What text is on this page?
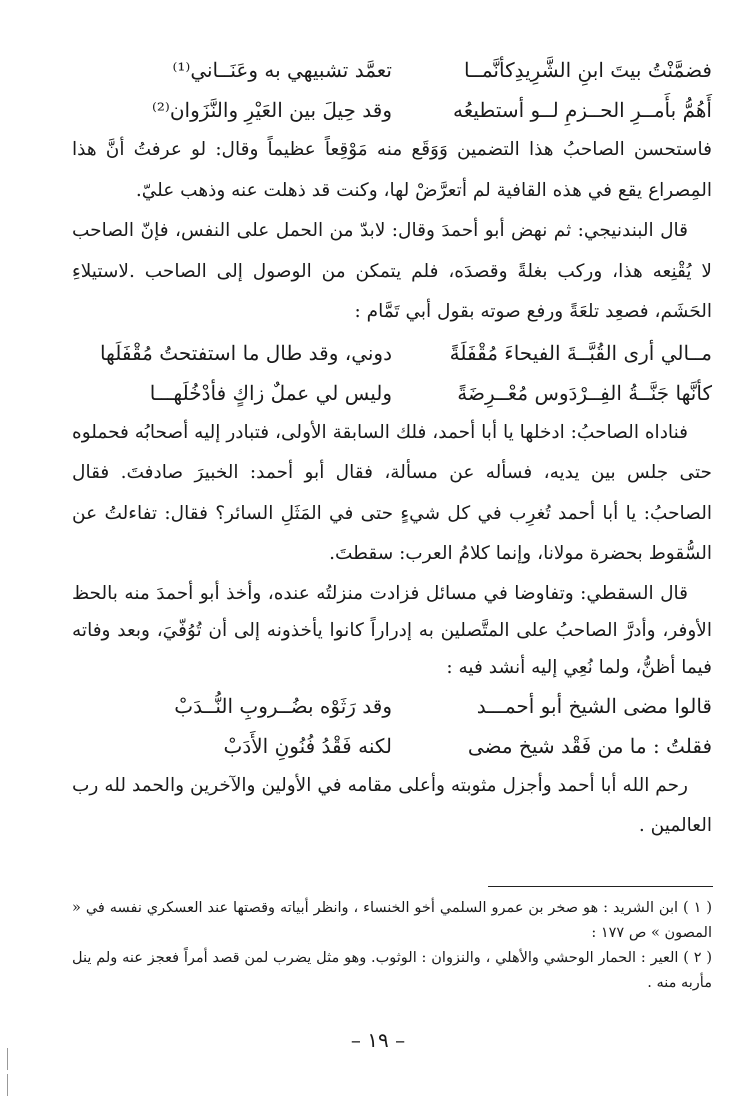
فضمَّنْتُ بيتَ ابنِ الشَّرِيدِكأنَّمــا
تعمَّد تشبيهي به وعَنَــاني⁽¹⁾
أَهُمُّ بأَمــرِ الحــزمِ لــو أستطيعُه
وقد حِيلَ بين العَيْرِ والنَّزَوان⁽²⁾

فاستحسن الصاحبُ هذا التضمين وَوَقَع منه مَوْقِعاً عظيماً وقال: لو عرفتُ أنَّ هذا المِصراع يقع في هذه القافية لم أتعرَّضْ لها، وكنت قد ذهلت عنه وذهب عليّ.

قال البندنيجي: ثم نهض أبو أحمدَ وقال: لابدّ من الحمل على النفس، فإنّ الصاحب لا يُقْنِعه هذا، وركب بغلةً وقصدَه، فلم يتمكن من الوصول إلى الصاحب .لاستيلاءِ الحَشَم، فصعِد تلعَةً ورفع صوته بقول أبي تَمَّام :

مــالي أرى القُبَّــةَ الفيحاءَ مُقْفَلَةً
دوني، وقد طال ما استفتحتُ مُقْفَلَها
كأنَّها جَنَّــةُ الفِــرْدَوس مُعْــرِضَةً
وليس لي عملٌ زاكٍ فأدْخُلَهـــا

فناداه الصاحبُ: ادخلها يا أبا أحمد، فلك السابقة الأولى، فتبادر إليه أصحابُه فحملوه حتى جلس بين يديه، فسأله عن مسألة، فقال أبو أحمد: الخبيرَ صادفتَ. فقال الصاحبُ: يا أبا أحمد تُغرِب في كل شيءٍ حتى في المَثَلِ السائر؟ فقال: تفاءلتُ عن السُّقوط بحضرة مولانا، وإنما كلامُ العرب: سقطتَ.

قال السقطي: وتفاوضا في مسائل فزادت منزلتُه عنده، وأخذ أبو أحمدَ منه بالحظ الأوفر، وأدرَّ الصاحبُ على المتَّصلين به إدراراً كانوا يأخذونه إلى أن تُوُفّيَ، وبعد وفاته فيما أظنُّ، ولما نُعِي إليه أنشد فيه :

قالوا مضى الشيخ أبو أحمـــد
وقد رَثَوْه بضُــروبِ النُّــدَبْ
فقلتُ : ما من فَقْد شيخ مضى
لكنه فَقْدُ فُنُونِ الأَدَبْ

رحم الله أبا أحمد وأجزل مثوبته وأعلى مقامه في الأولين والآخرين والحمد لله رب العالمين .

( ١ ) ابن الشريد : هو صخر بن عمرو السلمي أخو الخنساء ، وانظر أبياته وقصتها عند العسكري نفسه في « المصون » ص ١٧٧ :

( ٢ ) العير : الحمار الوحشي والأهلي ، والنزوان : الوثوب. وهو مثل يضرب لمن قصد أمراً فعجز عنه ولم ينل مأربه منه .

– ١٩ –
